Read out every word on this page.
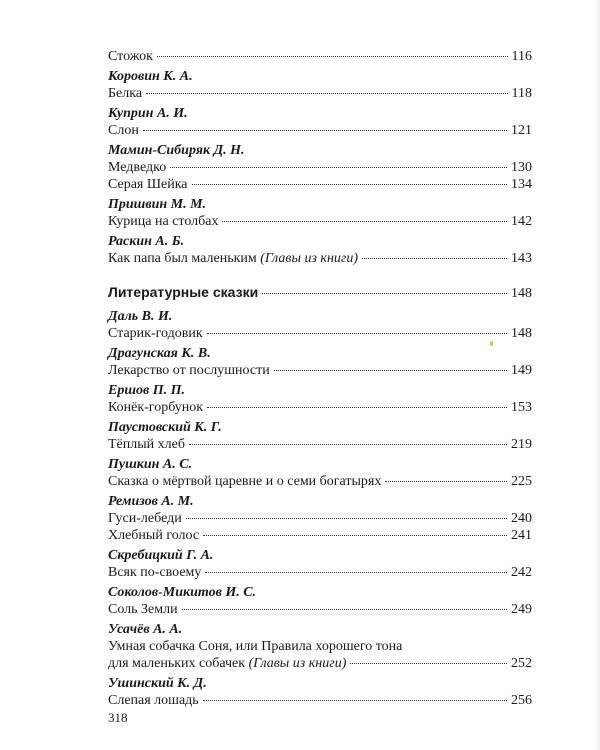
Стожок	116
Коровин К. А.
Белка	118
Куприн А. И.
Слон	121
Мамин-Сибиряк Д. Н.
Медведко	130
Серая Шейка	134
Пришвин М. М.
Курица на столбах	142
Раскин А. Б.
Как папа был маленьким (Главы из книги)	143
Литературные сказки	148
Даль В. И.
Старик-годовик	148
Драгунская К. В.
Лекарство от послушности	149
Ершов П. П.
Конёк-горбунок	153
Паустовский К. Г.
Тёплый хлеб	219
Пушкин А. С.
Сказка о мёртвой царевне и о семи богатырях	225
Ремизов А. М.
Гуси-лебеди	240
Хлебный голос	241
Скребицкий Г. А.
Всяк по-своему	242
Соколов-Микитов И. С.
Соль Земли	249
Усачёв А. А.
Умная собачка Соня, или Правила хорошего тона
для маленьких собачек (Главы из книги)	252
Ушинский К. Д.
Слепая лошадь	256
318
